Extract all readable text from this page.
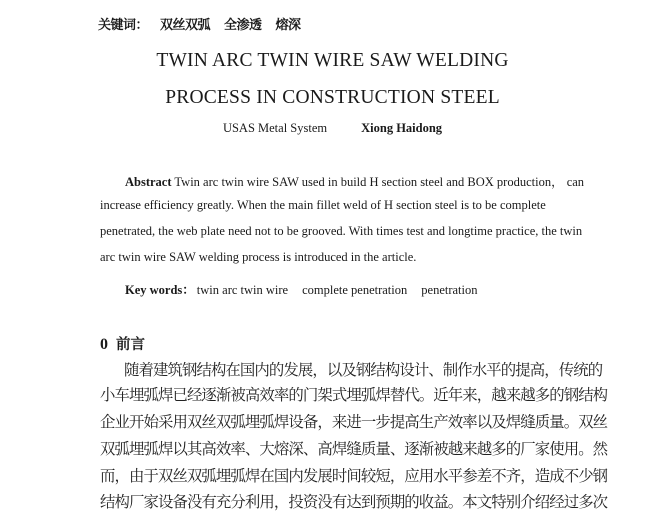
关键词： 双丝双弧 全渗透 熔深
TWIN ARC TWIN WIRE SAW WELDING
PROCESS IN CONSTRUCTION STEEL
USAS Metal System	Xiong Haidong
Abstract Twin arc twin wire SAW used in build H section steel and BOX production， can
increase efficiency greatly. When the main fillet weld of H section steel is to be complete
penetrated, the web plate need not to be grooved. With times test and longtime practice, the twin
arc twin wire SAW welding process is introduced in the article.
Key words： twin arc twin wire complete penetration penetration
0 前言
随着建筑钢结构在国内的发展，以及钢结构设计、制作水平的提高，传统的
小车埋弧焊已经逐渐被高效率的门架式埋弧焊替代。近年来，越来越多的钢结构
企业开始采用双丝双弧埋弧焊设备，来进一步提高生产效率以及焊缝质量。双丝
双弧埋弧焊以其高效率、大熔深、高焊缝质量、逐渐被越来越多的厂家使用。然
而，由于双丝双弧埋弧焊在国内发展时间较短，应用水平参差不齐，造成不少钢
结构厂家设备没有充分利用，投资没有达到预期的收益。本文特别介绍经过多次
